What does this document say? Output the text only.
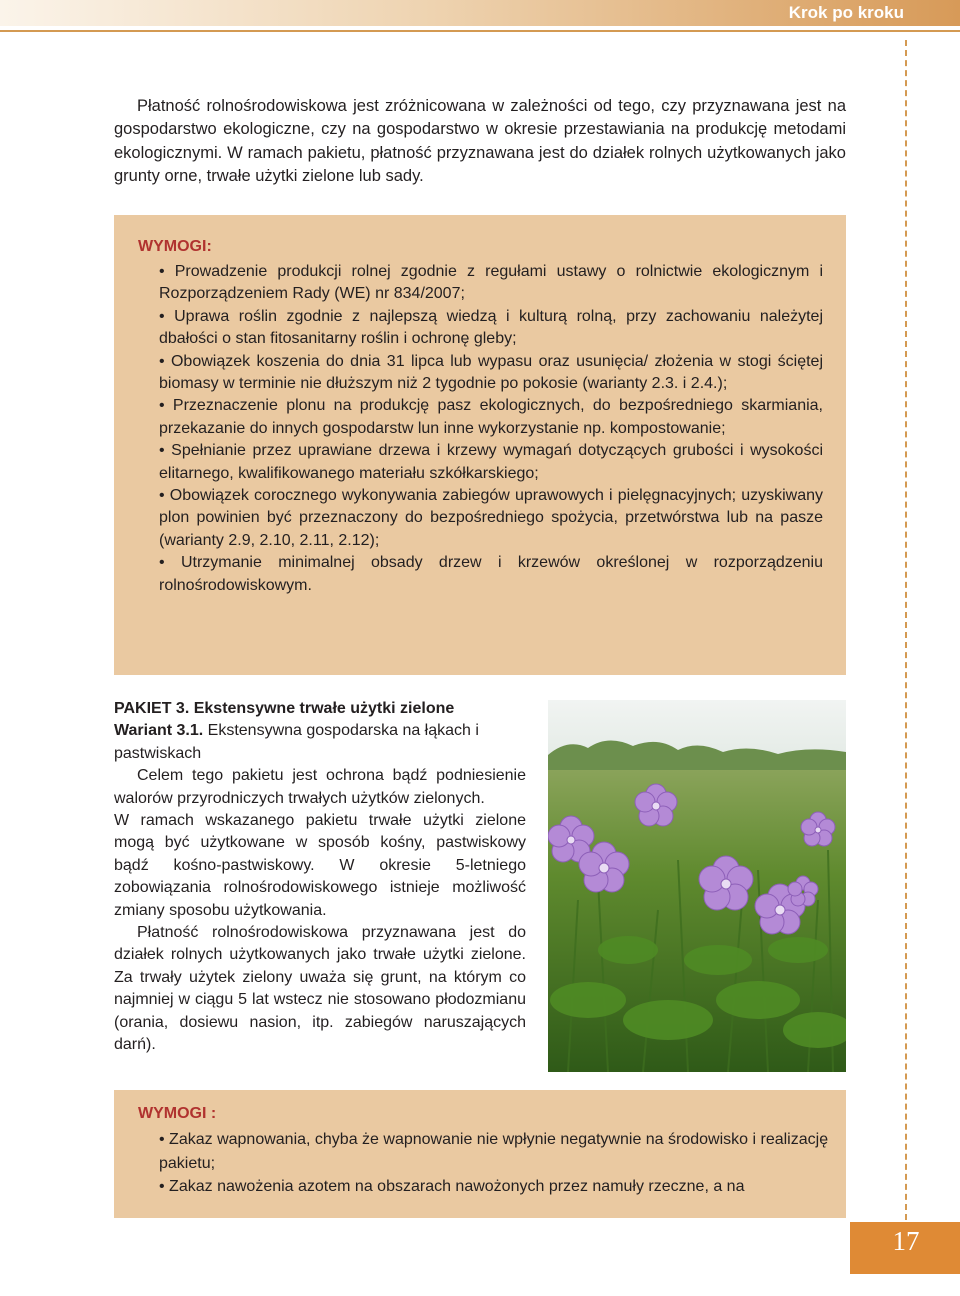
Krok po kroku

Płatność rolnośrodowiskowa jest zróżnicowana w zależności od tego, czy przyznawana jest na gospodarstwo ekologiczne, czy na gospodarstwo w okresie przestawiania na produkcję metodami ekologicznymi. W ramach pakietu, płatność przyznawana jest do działek rolnych użytkowanych jako grunty orne, trwałe użytki zielone lub sady.

WYMOGI:

• Prowadzenie produkcji rolnej zgodnie z regułami ustawy o rolnictwie ekologicznym i Rozporządzeniem Rady (WE) nr 834/2007;
• Uprawa roślin zgodnie z najlepszą wiedzą i kulturą rolną, przy zachowaniu należytej dbałości o stan fitosanitarny roślin i ochronę gleby;
• Obowiązek koszenia do dnia 31 lipca lub wypasu oraz usunięcia/ złożenia w stogi ściętej biomasy w terminie nie dłuższym niż 2 tygodnie po pokosie (warianty 2.3. i 2.4.);
• Przeznaczenie plonu na produkcję pasz ekologicznych, do bezpośredniego skarmiania, przekazanie do innych gospodarstw lun inne wykorzystanie np. kompostowanie;
• Spełnianie przez uprawiane drzewa i krzewy wymagań dotyczących grubości i wysokości elitarnego, kwalifikowanego materiału szkółkarskiego;
• Obowiązek corocznego wykonywania zabiegów uprawowych i pielęgnacyjnych; uzyskiwany plon powinien być przeznaczony do bezpośredniego spożycia, przetwórstwa lub na pasze (warianty 2.9, 2.10, 2.11, 2.12);
• Utrzymanie minimalnej obsady drzew i krzewów określonej w rozporządzeniu rolnośrodowiskowym.

PAKIET 3. Ekstensywne trwałe użytki zielone

Wariant 3.1. Ekstensywna gospodarska na łąkach i pastwiskach

Celem tego pakietu jest ochrona bądź podniesienie walorów przyrodniczych trwałych użytków zielonych.

W ramach wskazanego pakietu trwałe użytki zielone mogą być użytkowane w sposób kośny, pastwiskowy bądź kośno-pastwiskowy. W okresie 5-letniego zobowiązania rolnośrodowiskowego istnieje możliwość zmiany sposobu użytkowania.

Płatność rolnośrodowiskowa przyznawana jest do działek rolnych użytkowanych jako trwałe użytki zielone. Za trwały użytek zielony uważa się grunt, na którym co najmniej w ciągu 5 lat wstecz nie stosowano płodozmianu (orania, dosiewu nasion, itp. zabiegów naruszających darń).

WYMOGI :

• Zakaz wapnowania, chyba że wapnowanie nie wpłynie negatywnie na środowisko i realizację pakietu;
• Zakaz nawożenia azotem na obszarach nawożonych przez namuły rzeczne, a na
17
